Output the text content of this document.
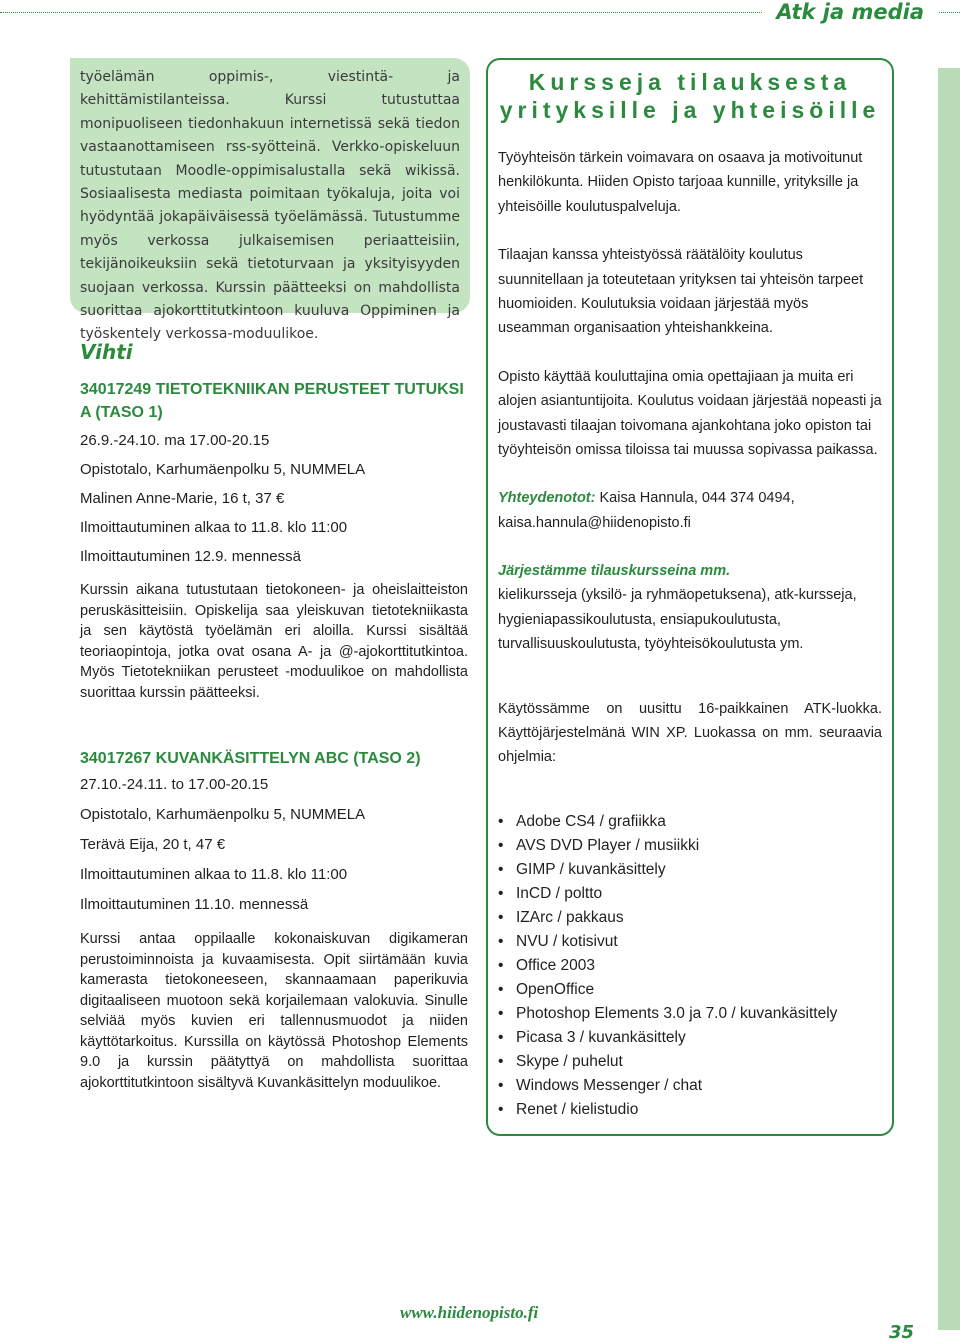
Atk ja media

työelämän oppimis-, viestintä- ja kehittämistilanteissa. Kurssi tutustuttaa monipuoliseen tiedonhakuun internetissä sekä tiedon vastaanottamiseen rss-syötteinä. Verkko-opiskeluun tutustutaan Moodle-oppimisalustalla sekä wikissä. Sosiaalisesta mediasta poimitaan työkaluja, joita voi hyödyntää jokapäiväisessä työelämässä. Tutustumme myös verkossa julkaisemisen periaatteisiin, tekijänoikeuksiin sekä tietoturvaan ja yksityisyyden suojaan verkossa. Kurssin päätteeksi on mahdollista suorittaa ajokorttitutkintoon kuuluva Oppiminen ja työskentely verkossa-moduulikoe.

Vihti
34017249 TIETOTEKNIIKAN PERUSTEET TUTUKSI A (TASO 1)
26.9.-24.10. ma 17.00-20.15
Opistotalo, Karhumäenpolku 5, NUMMELA
Malinen Anne-Marie, 16 t, 37 €
Ilmoittautuminen alkaa to 11.8. klo 11:00
Ilmoittautuminen 12.9. mennessä
Kurssin aikana tutustutaan tietokoneen- ja oheislaitteiston peruskäsitteisiin. Opiskelija saa yleiskuvan tietotekniikasta ja sen käytöstä työelämän eri aloilla. Kurssi sisältää teoriaopintoja, jotka ovat osana A- ja @-ajokorttitutkintoa. Myös Tietotekniikan perusteet -moduulikoe on mahdollista suorittaa kurssin päätteeksi.
34017267 KUVANKÄSITTELYN ABC (TASO 2)
27.10.-24.11. to 17.00-20.15
Opistotalo, Karhumäenpolku 5, NUMMELA
Terävä Eija, 20 t, 47 €
Ilmoittautuminen alkaa to 11.8. klo 11:00
Ilmoittautuminen 11.10. mennessä
Kurssi antaa oppilaalle kokonaiskuvan digikameran perustoiminnoista ja kuvaamisesta. Opit siirtämään kuvia kamerasta tietokoneeseen, skannaamaan paperikuvia digitaaliseen muotoon sekä korjailemaan valokuvia. Sinulle selviää myös kuvien eri tallennusmuodot ja niiden käyttötarkoitus. Kurssilla on käytössä Photoshop Elements 9.0 ja kurssin päätyttyä on mahdollista suorittaa ajokorttitutkintoon sisältyvä Kuvankäsittelyn moduulikoe.
Kursseja tilauksesta
yrityksille ja yhteisöille

Työyhteisön tärkein voimavara on osaava ja motivoitunut henkilökunta. Hiiden Opisto tarjoaa kunnille, yrityksille ja yhteisöille koulutuspalveluja.

Tilaajan kanssa yhteistyössä räätälöity koulutus suunnitellaan ja toteutetaan yrityksen tai yhteisön tarpeet huomioiden. Koulutuksia voidaan järjestää myös useamman organisaation yhteishankkeina.

Opisto käyttää kouluttajina omia opettajiaan ja muita eri alojen asiantuntijoita. Koulutus voidaan järjestää nopeasti ja joustavasti tilaajan toivomana ajankohtana joko opiston tai työyhteisön omissa tiloissa tai muussa sopivassa paikassa.

Yhteydenotot: Kaisa Hannula, 044 374 0494,

kaisa.hannula@hiidenopisto.fi

Järjestämme tilauskursseina mm.

kielikursseja (yksilö- ja ryhmäopetuksena), atk-kursseja, hygieniapassikoulutusta, ensiapukoulutusta, turvallisuuskoulutusta, työyhteisökoulutusta ym.

Käytössämme on uusittu 16-paikkainen ATK-luokka. Käyttöjärjestelmänä WIN XP. Luokassa on mm. seuraavia ohjelmia:

• Adobe CS4 / grafiikka
• AVS DVD Player / musiikki
• GIMP / kuvankäsittely
• InCD / poltto
• IZArc / pakkaus
• NVU / kotisivut
• Office 2003
• OpenOffice
• Photoshop Elements 3.0 ja 7.0 / kuvankäsittely
• Picasa 3 / kuvankäsittely
• Skype / puhelut
• Windows Messenger / chat
• Renet / kielistudio
www.hiidenopisto.fi
35
